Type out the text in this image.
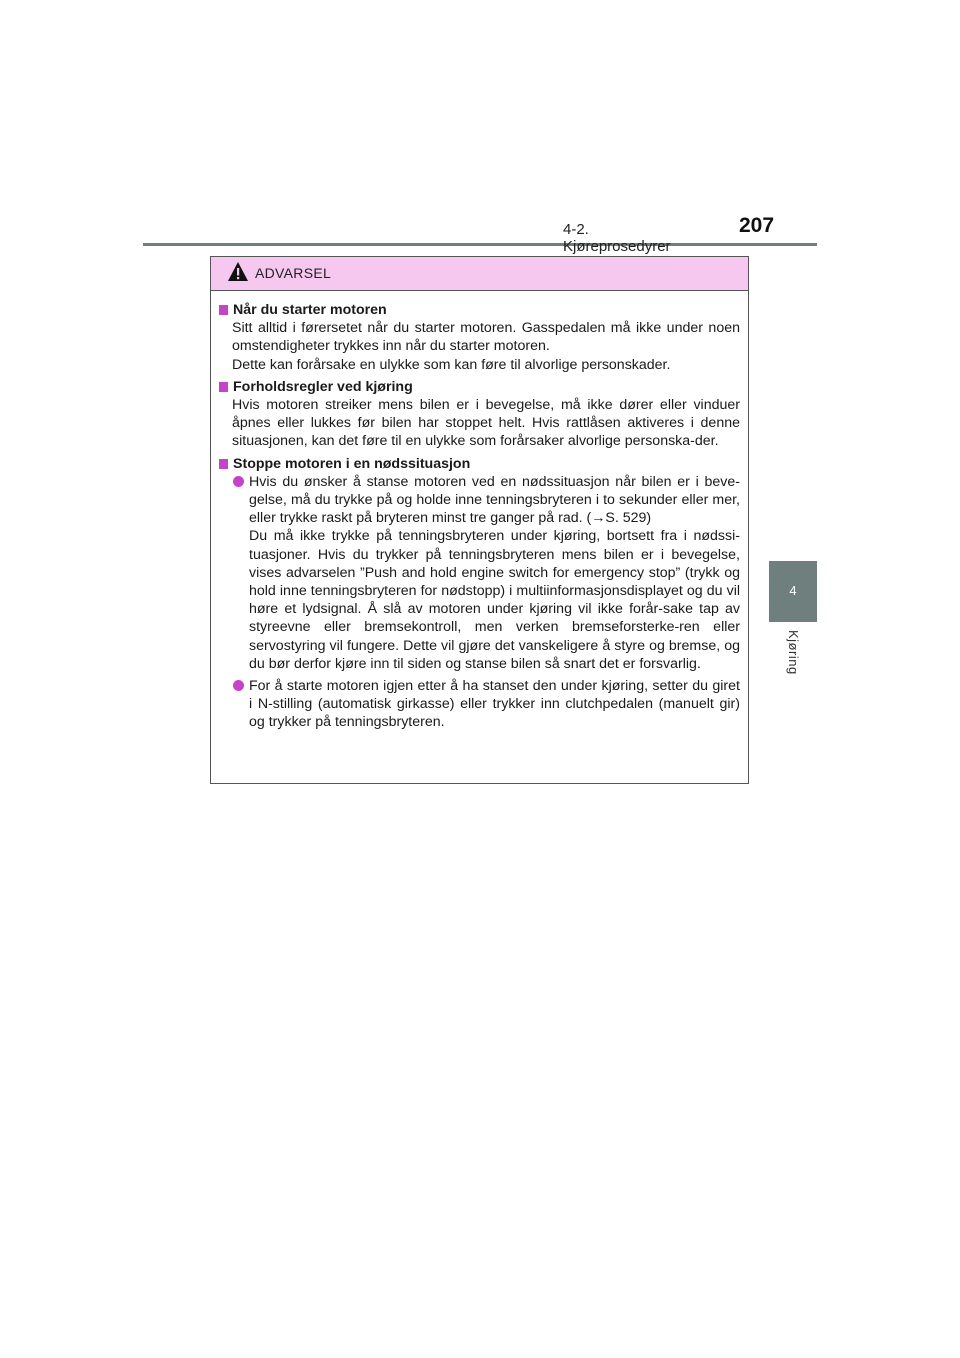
4-2. Kjøreprosedyrer
207
4
Kjøring
ADVARSEL
Når du starter motoren
Sitt alltid i førersetet når du starter motoren. Gasspedalen må ikke under noen omstendigheter trykkes inn når du starter motoren.
Dette kan forårsake en ulykke som kan føre til alvorlige personskader.
Forholdsregler ved kjøring
Hvis motoren streiker mens bilen er i bevegelse, må ikke dører eller vinduer åpnes eller lukkes før bilen har stoppet helt. Hvis rattlåsen aktiveres i denne situasjonen, kan det føre til en ulykke som forårsaker alvorlige personska-der.
Stoppe motoren i en nødssituasjon
Hvis du ønsker å stanse motoren ved en nødssituasjon når bilen er i beve-gelse, må du trykke på og holde inne tenningsbryteren i to sekunder eller mer, eller trykke raskt på bryteren minst tre ganger på rad. (→S. 529)
Du må ikke trykke på tenningsbryteren under kjøring, bortsett fra i nødssi-tuasjoner. Hvis du trykker på tenningsbryteren mens bilen er i bevegelse, vises advarselen ”Push and hold engine switch for emergency stop” (trykk og hold inne tenningsbryteren for nødstopp) i multiinformasjonsdisplayet og du vil høre et lydsignal. Å slå av motoren under kjøring vil ikke forår-sake tap av styreevne eller bremsekontroll, men verken bremseforsterke-ren eller servostyring vil fungere. Dette vil gjøre det vanskeligere å styre og bremse, og du bør derfor kjøre inn til siden og stanse bilen så snart det er forsvarlig.
For å starte motoren igjen etter å ha stanset den under kjøring, setter du giret i N-stilling (automatisk girkasse) eller trykker inn clutchpedalen (manuelt gir) og trykker på tenningsbryteren.
